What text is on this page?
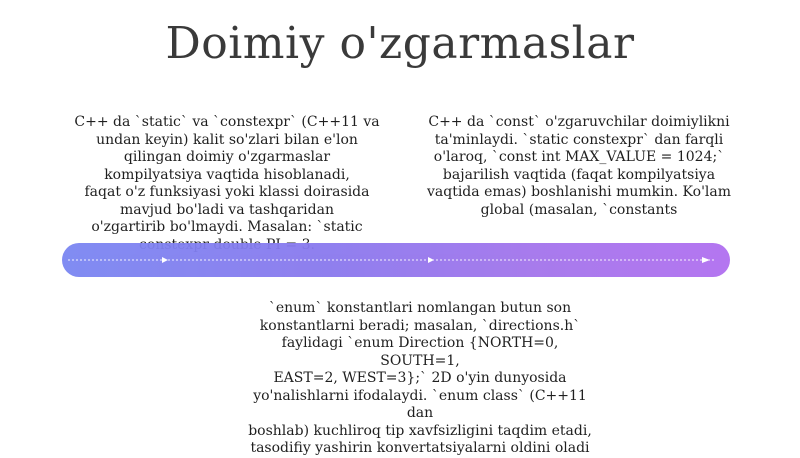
Doimiy o'zgarmaslar
C++ da `static` va `constexpr` (C++11 va
undan keyin) kalit so'zlari bilan e'lon
qilingan doimiy o'zgarmaslar
kompilyatsiya vaqtida hisoblanadi,
faqat o'z funksiyasi yoki klassi doirasida
mavjud bo'ladi va tashqaridan
o'zgartirib bo'lmaydi. Masalan: `static

C++ da `const` o'zgaruvchilar doimiylikni
ta'minlaydi. `static constexpr` dan farqli
o'laroq, `const int MAX_VALUE = 1024;`
bajarilish vaqtida (faqat kompilyatsiya
vaqtida emas) boshlanishi mumkin. Ko'lam
global (masalan, `constants
`enum` konstantlari nomlangan butun son
konstantlarni beradi; masalan, `directions.h`
faylidagi `enum Direction {NORTH=0, SOUTH=1,
EAST=2, WEST=3};` 2D o'yin dunyosida
yo'nalishlarni ifodalaydi. `enum class` (C++11 dan
boshlab) kuchliroq tip xavfsizligini taqdim etadi,
tasodifiy yashirin konvertatsiyalarni oldini oladi
